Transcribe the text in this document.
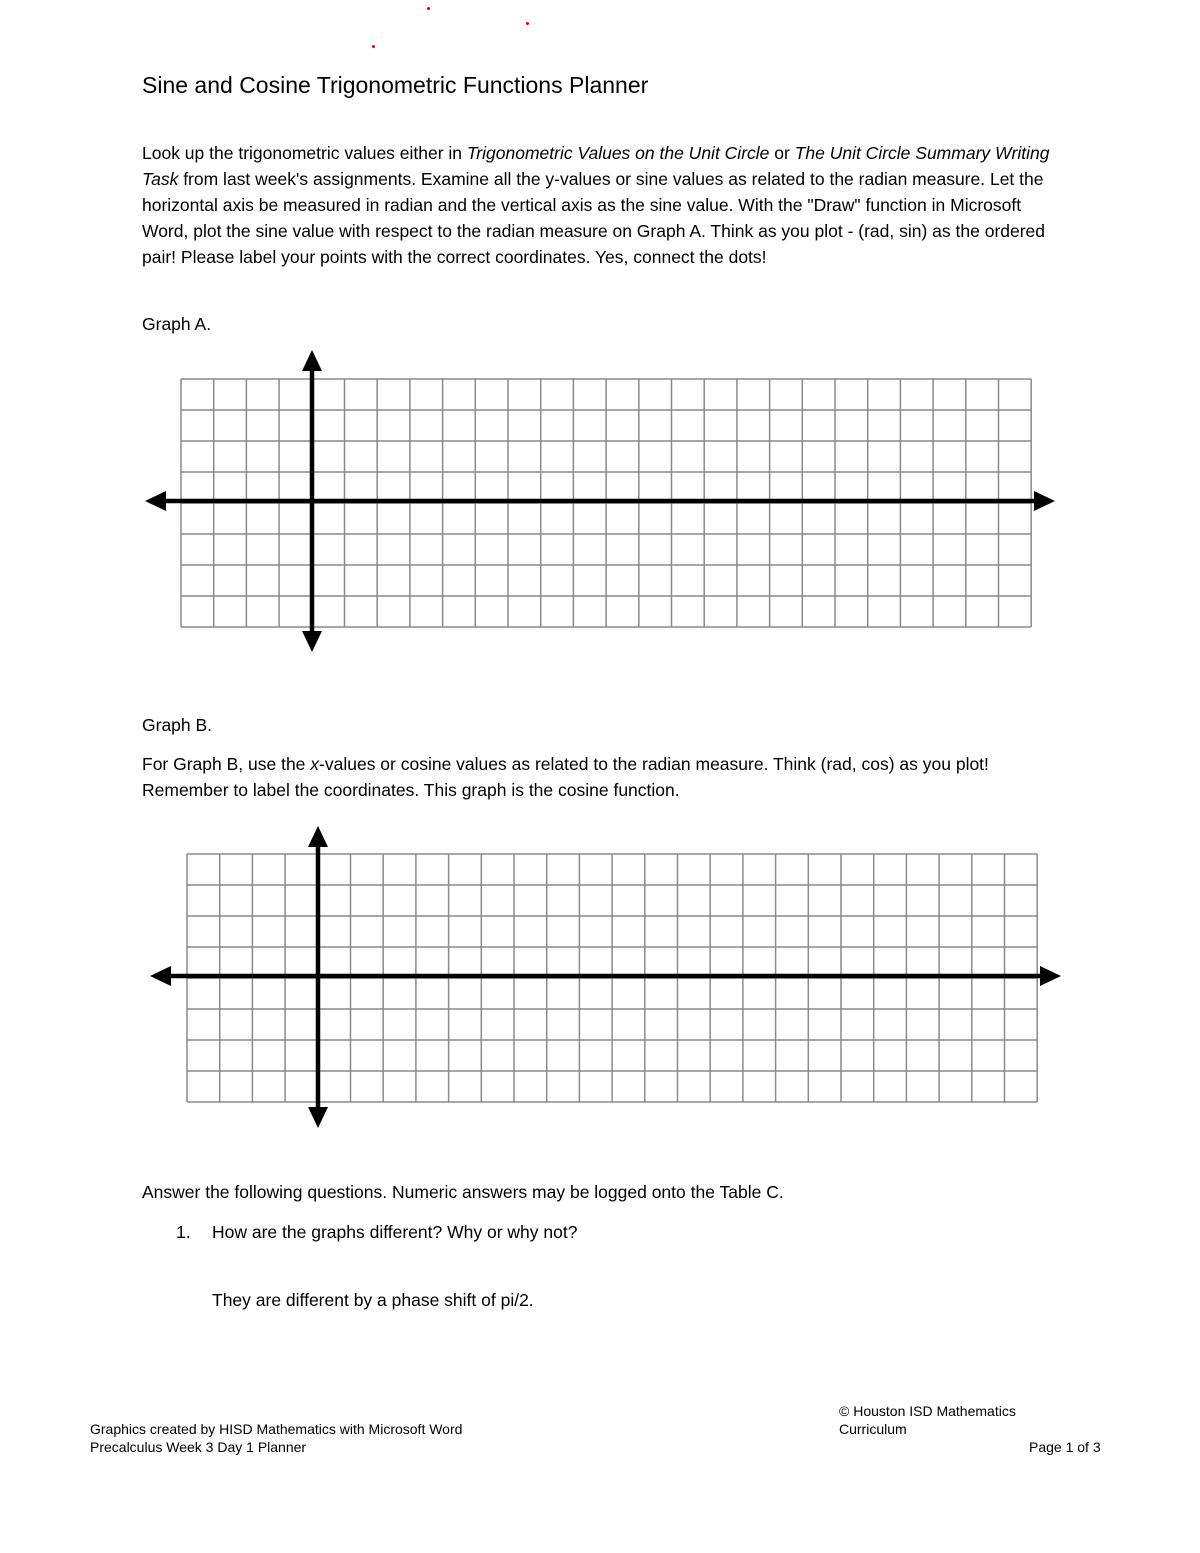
Sine and Cosine Trigonometric Functions Planner

Look up the trigonometric values either in Trigonometric Values on the Unit Circle or The Unit Circle Summary Writing Task from last week's assignments. Examine all the y-values or sine values as related to the radian measure. Let the horizontal axis be measured in radian and the vertical axis as the sine value. With the "Draw" function in Microsoft Word, plot the sine value with respect to the radian measure on Graph A. Think as you plot - (rad, sin) as the ordered pair! Please label your points with the correct coordinates. Yes, connect the dots!

Graph A.
Graph B.

For Graph B, use the x-values or cosine values as related to the radian measure. Think (rad, cos) as you plot! Remember to label the coordinates. This graph is the cosine function.

Answer the following questions. Numeric answers may be logged onto the Table C.
1. How are the graphs different? Why or why not?
They are different by a phase shift of pi/2.
Graphics created by HISD Mathematics with Microsoft Word
Precalculus Week 3 Day 1 Planner
© Houston ISD Mathematics
Curriculum
Page 1 of 3
